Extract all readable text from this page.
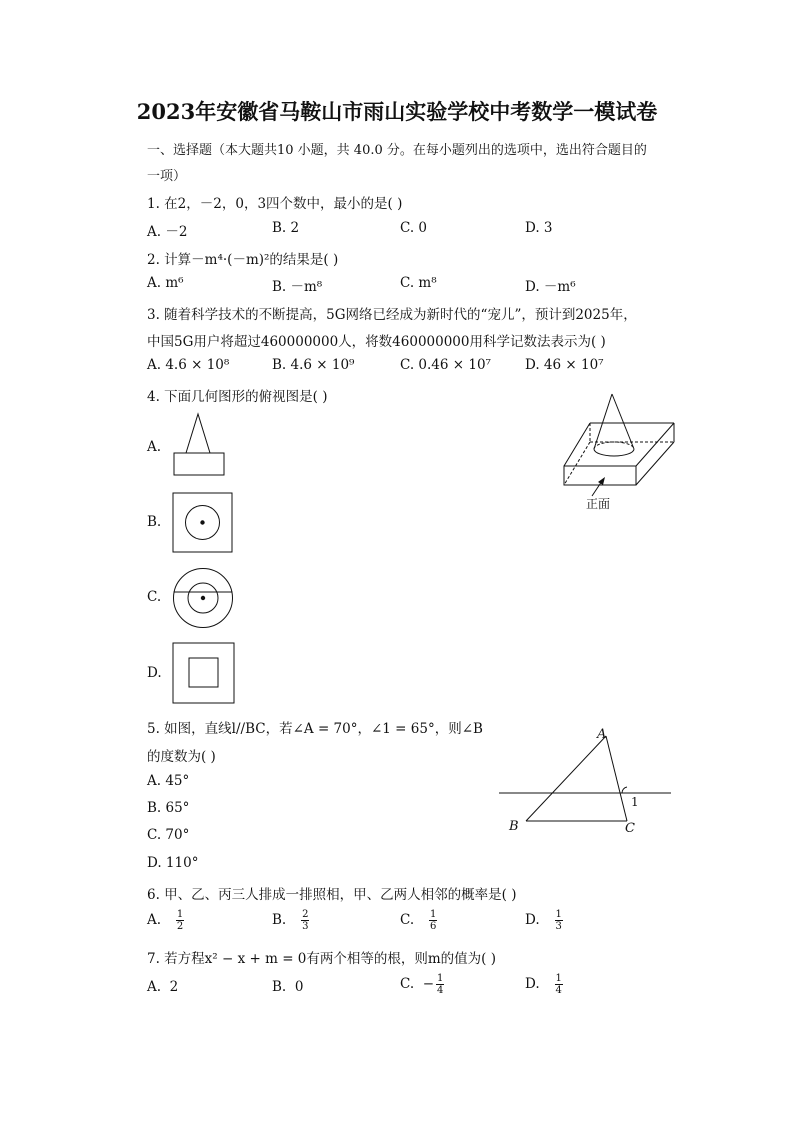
2023年安徽省马鞍山市雨山实验学校中考数学一模试卷
一、选择题（本大题共10 小题，共 40.0 分。在每小题列出的选项中，选出符合题目的
一项）
1. 在2，－2，0，3四个数中，最小的是( )
A. －2	B. 2	C. 0	D. 3
2. 计算－m⁴·(－m)²的结果是( )
A. m⁶	B. －m⁸	C. m⁸	D. －m⁶
3. 随着科学技术的不断提高，5G网络已经成为新时代的“宠儿”，预计到2025年，
中国5G用户将超过460000000人，将数460000000用科学记数法表示为( )
A. 4.6 × 10⁸	B. 4.6 × 10⁹	C. 0.46 × 10⁷	D. 46 × 10⁷
4. 下面几何图形的俯视图是( )
A.
B.
C.
D.
正面
5. 如图，直线l//BC，若∠A = 70°，∠1 = 65°，则∠B
的度数为( )
A. 45°
B. 65°
C. 70°
D. 110°
A
B	C
1
6. 甲、乙、丙三人排成一排照相，甲、乙两人相邻的概率是( )
A. $\frac{1}{2}$	B. $\frac{2}{3}$	C. $\frac{1}{6}$	D. $\frac{1}{3}$
7. 若方程x² − x + m = 0有两个相等的根，则m的值为( )
A. 2	B. 0	C. − $\frac{1}{4}$	D. $\frac{1}{4}$
